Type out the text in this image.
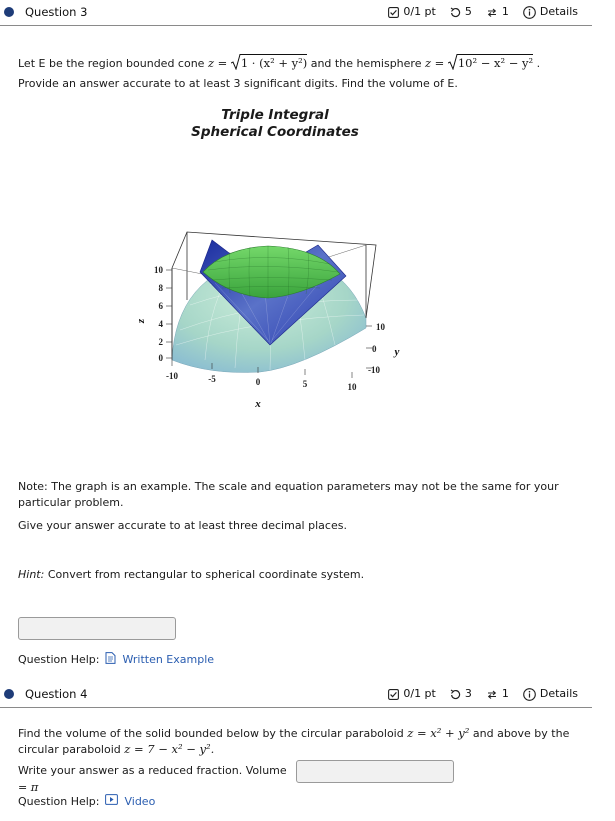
Question 3	0/1 pt	5	1	Details
Let E be the region bounded cone z = 1 · (x² + y²) and the hemisphere z = 10² − x² − y² .
Provide an answer accurate to at least 3 significant digits. Find the volume of E.
Triple Integral
Spherical Coordinates
10
8
6
4
2
0
z
-10	-5	0	5	10
x
10
0
-10
y
Note: The graph is an example. The scale and equation parameters may not be the same for your particular problem.
Give your answer accurate to at least three decimal places.
Hint: Convert from rectangular to spherical coordinate system.
Question Help: Written Example
Question 4	0/1 pt	3	1	Details
Find the volume of the solid bounded below by the circular paraboloid z = x² + y² and above by the
circular paraboloid z = 7 − x² − y².
Write your answer as a reduced fraction. Volume = π
Question Help: Video
